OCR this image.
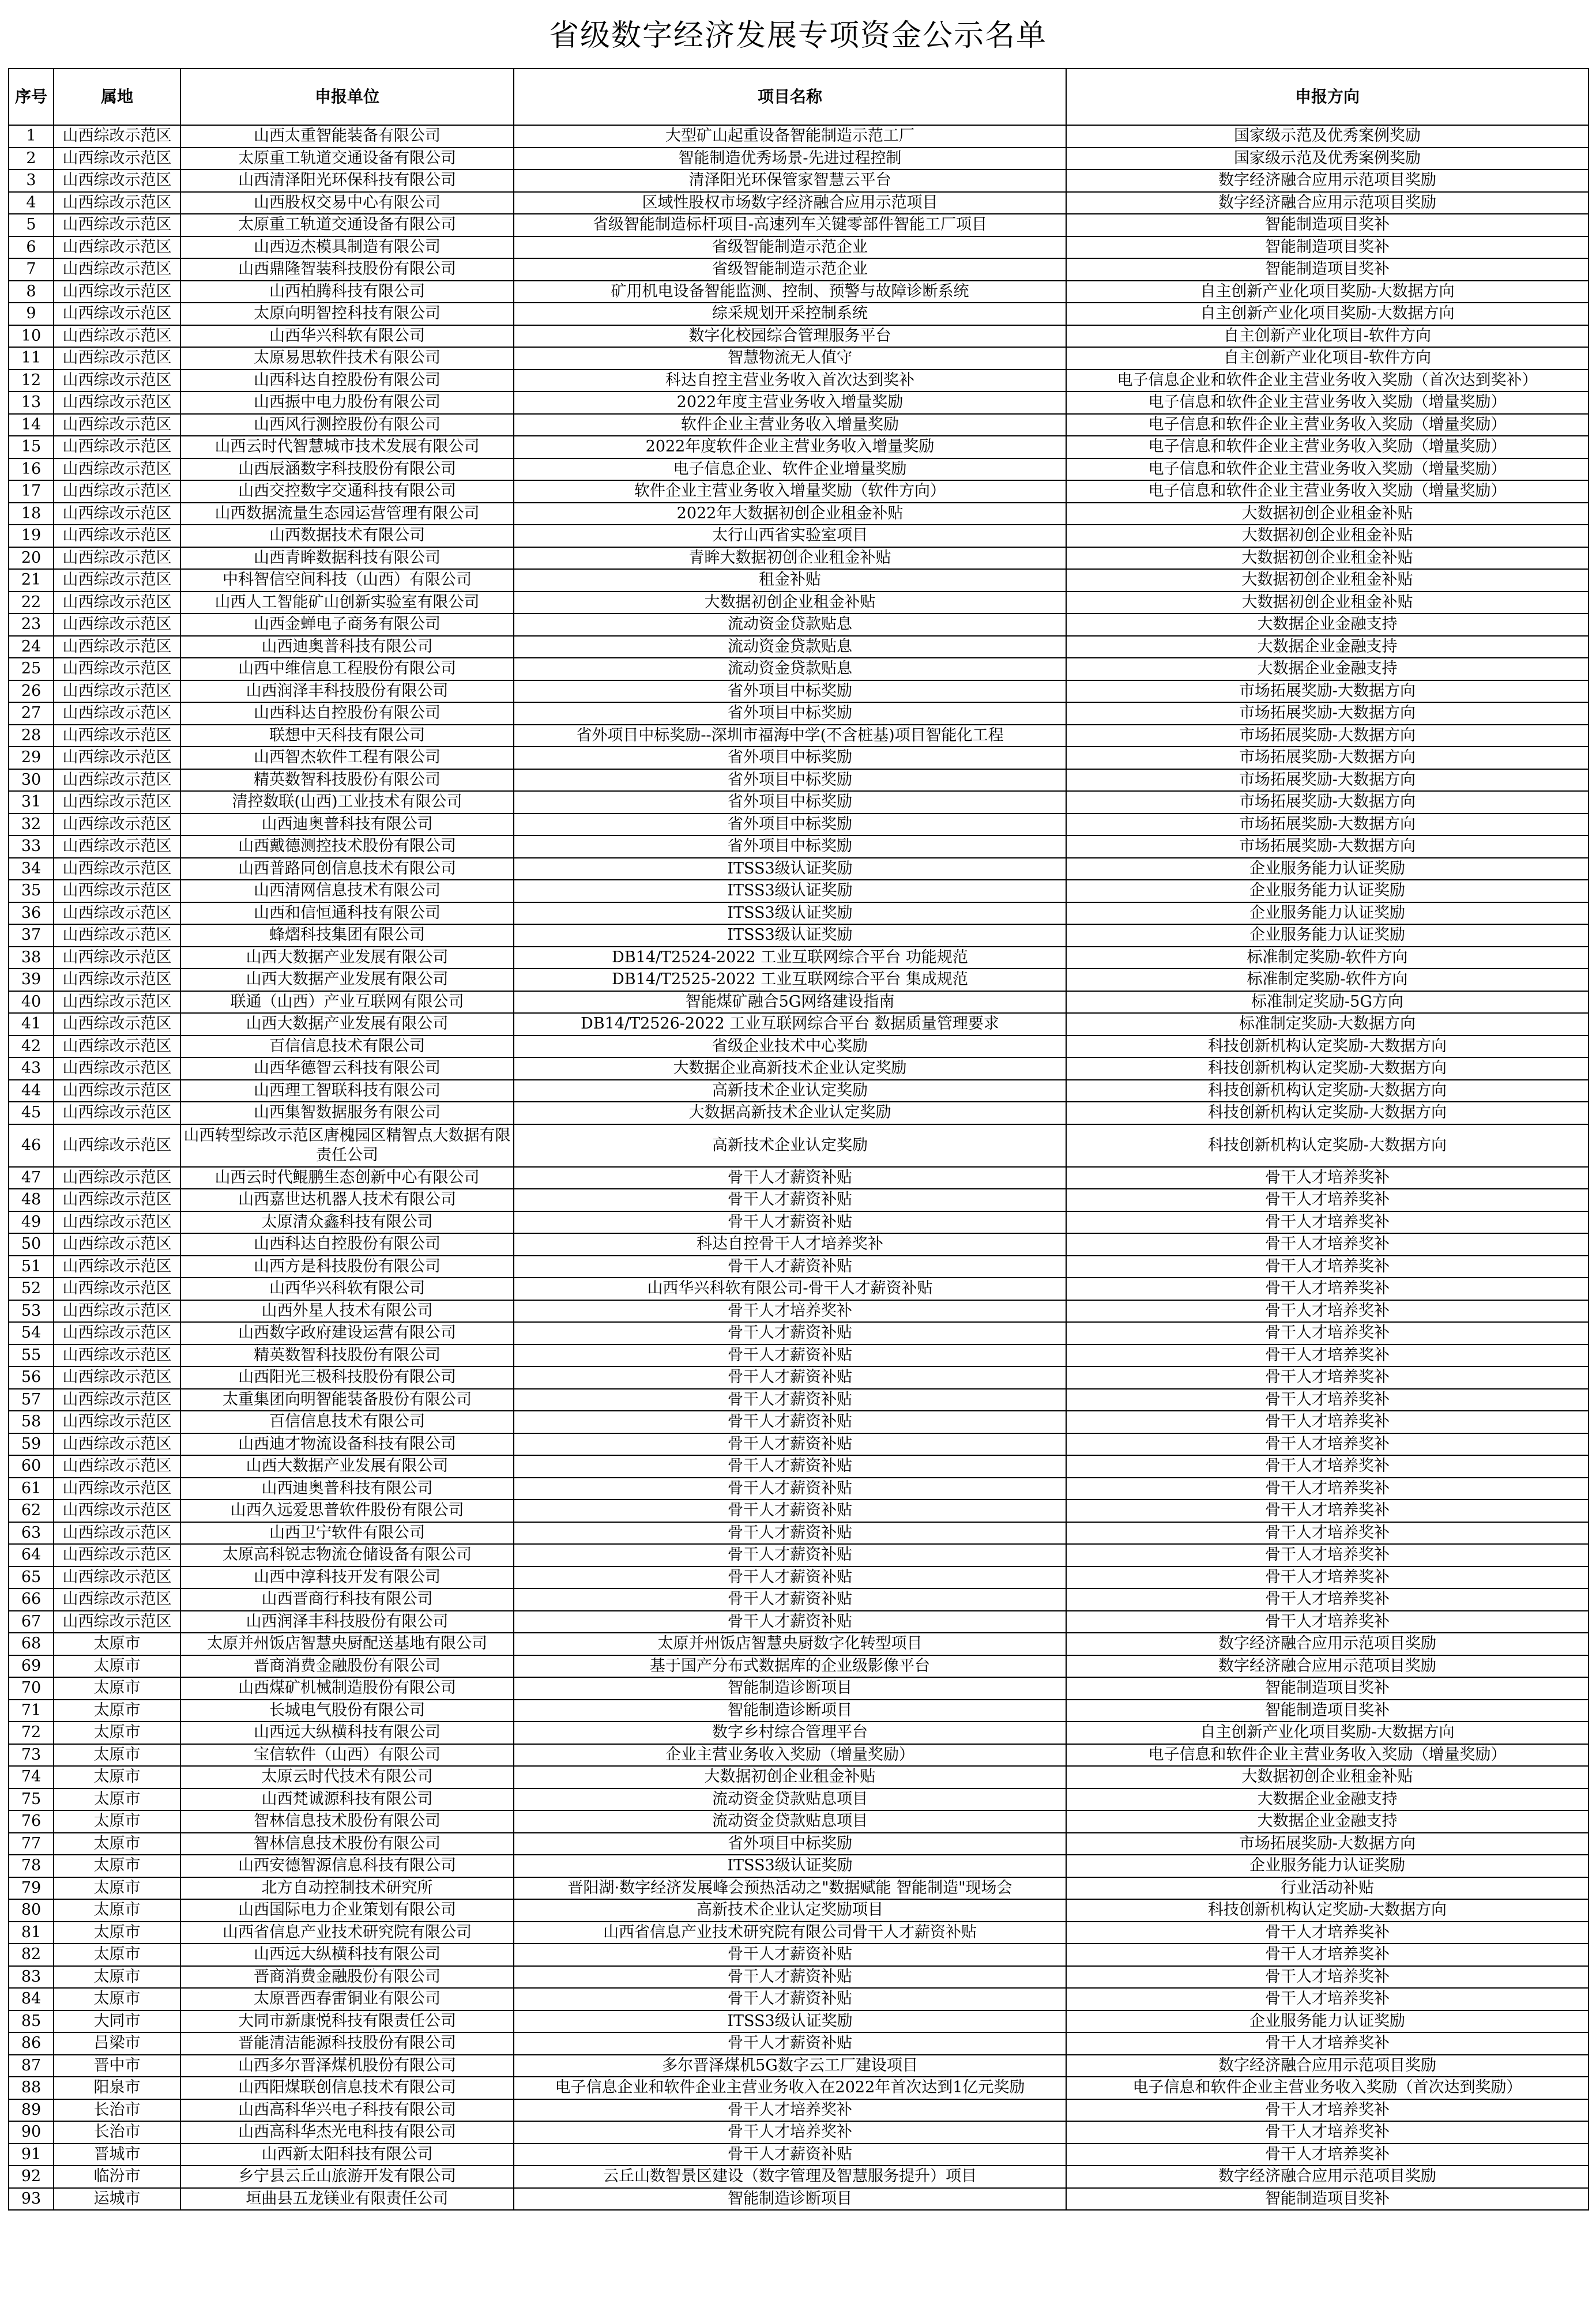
省级数字经济发展专项资金公示名单
序号	属地	申报单位	项目名称	申报方向
1	山西综改示范区	山西太重智能装备有限公司	大型矿山起重设备智能制造示范工厂	国家级示范及优秀案例奖励
2	山西综改示范区	太原重工轨道交通设备有限公司	智能制造优秀场景-先进过程控制	国家级示范及优秀案例奖励
3	山西综改示范区	山西清泽阳光环保科技有限公司	清泽阳光环保管家智慧云平台	数字经济融合应用示范项目奖励
4	山西综改示范区	山西股权交易中心有限公司	区域性股权市场数字经济融合应用示范项目	数字经济融合应用示范项目奖励
5	山西综改示范区	太原重工轨道交通设备有限公司	省级智能制造标杆项目-高速列车关键零部件智能工厂项目	智能制造项目奖补
6	山西综改示范区	山西迈杰模具制造有限公司	省级智能制造示范企业	智能制造项目奖补
7	山西综改示范区	山西鼎隆智装科技股份有限公司	省级智能制造示范企业	智能制造项目奖补
8	山西综改示范区	山西柏腾科技有限公司	矿用机电设备智能监测、控制、预警与故障诊断系统	自主创新产业化项目奖励-大数据方向
9	山西综改示范区	太原向明智控科技有限公司	综采规划开采控制系统	自主创新产业化项目奖励-大数据方向
10	山西综改示范区	山西华兴科软有限公司	数字化校园综合管理服务平台	自主创新产业化项目-软件方向
11	山西综改示范区	太原易思软件技术有限公司	智慧物流无人值守	自主创新产业化项目-软件方向
12	山西综改示范区	山西科达自控股份有限公司	科达自控主营业务收入首次达到奖补	电子信息企业和软件企业主营业务收入奖励（首次达到奖补）
13	山西综改示范区	山西振中电力股份有限公司	2022年度主营业务收入增量奖励	电子信息和软件企业主营业务收入奖励（增量奖励）
14	山西综改示范区	山西风行测控股份有限公司	软件企业主营业务收入增量奖励	电子信息和软件企业主营业务收入奖励（增量奖励）
15	山西综改示范区	山西云时代智慧城市技术发展有限公司	2022年度软件企业主营业务收入增量奖励	电子信息和软件企业主营业务收入奖励（增量奖励）
16	山西综改示范区	山西辰涵数字科技股份有限公司	电子信息企业、软件企业增量奖励	电子信息和软件企业主营业务收入奖励（增量奖励）
17	山西综改示范区	山西交控数字交通科技有限公司	软件企业主营业务收入增量奖励（软件方向）	电子信息和软件企业主营业务收入奖励（增量奖励）
18	山西综改示范区	山西数据流量生态园运营管理有限公司	2022年大数据初创企业租金补贴	大数据初创企业租金补贴
19	山西综改示范区	山西数据技术有限公司	太行山西省实验室项目	大数据初创企业租金补贴
20	山西综改示范区	山西青眸数据科技有限公司	青眸大数据初创企业租金补贴	大数据初创企业租金补贴
21	山西综改示范区	中科智信空间科技（山西）有限公司	租金补贴	大数据初创企业租金补贴
22	山西综改示范区	山西人工智能矿山创新实验室有限公司	大数据初创企业租金补贴	大数据初创企业租金补贴
23	山西综改示范区	山西金蝉电子商务有限公司	流动资金贷款贴息	大数据企业金融支持
24	山西综改示范区	山西迪奥普科技有限公司	流动资金贷款贴息	大数据企业金融支持
25	山西综改示范区	山西中维信息工程股份有限公司	流动资金贷款贴息	大数据企业金融支持
26	山西综改示范区	山西润泽丰科技股份有限公司	省外项目中标奖励	市场拓展奖励-大数据方向
27	山西综改示范区	山西科达自控股份有限公司	省外项目中标奖励	市场拓展奖励-大数据方向
28	山西综改示范区	联想中天科技有限公司	省外项目中标奖励--深圳市福海中学(不含桩基)项目智能化工程	市场拓展奖励-大数据方向
29	山西综改示范区	山西智杰软件工程有限公司	省外项目中标奖励	市场拓展奖励-大数据方向
30	山西综改示范区	精英数智科技股份有限公司	省外项目中标奖励	市场拓展奖励-大数据方向
31	山西综改示范区	清控数联(山西)工业技术有限公司	省外项目中标奖励	市场拓展奖励-大数据方向
32	山西综改示范区	山西迪奥普科技有限公司	省外项目中标奖励	市场拓展奖励-大数据方向
33	山西综改示范区	山西戴德测控技术股份有限公司	省外项目中标奖励	市场拓展奖励-大数据方向
34	山西综改示范区	山西普路同创信息技术有限公司	ITSS3级认证奖励	企业服务能力认证奖励
35	山西综改示范区	山西清网信息技术有限公司	ITSS3级认证奖励	企业服务能力认证奖励
36	山西综改示范区	山西和信恒通科技有限公司	ITSS3级认证奖励	企业服务能力认证奖励
37	山西综改示范区	蜂熠科技集团有限公司	ITSS3级认证奖励	企业服务能力认证奖励
38	山西综改示范区	山西大数据产业发展有限公司	DB14/T2524-2022 工业互联网综合平台 功能规范	标准制定奖励-软件方向
39	山西综改示范区	山西大数据产业发展有限公司	DB14/T2525-2022 工业互联网综合平台 集成规范	标准制定奖励-软件方向
40	山西综改示范区	联通（山西）产业互联网有限公司	智能煤矿融合5G网络建设指南	标准制定奖励-5G方向
41	山西综改示范区	山西大数据产业发展有限公司	DB14/T2526-2022 工业互联网综合平台 数据质量管理要求	标准制定奖励-大数据方向
42	山西综改示范区	百信信息技术有限公司	省级企业技术中心奖励	科技创新机构认定奖励-大数据方向
43	山西综改示范区	山西华德智云科技有限公司	大数据企业高新技术企业认定奖励	科技创新机构认定奖励-大数据方向
44	山西综改示范区	山西理工智联科技有限公司	高新技术企业认定奖励	科技创新机构认定奖励-大数据方向
45	山西综改示范区	山西集智数据服务有限公司	大数据高新技术企业认定奖励	科技创新机构认定奖励-大数据方向
46	山西综改示范区	山西转型综改示范区唐槐园区精智点大数据有限责任公司	高新技术企业认定奖励	科技创新机构认定奖励-大数据方向
47	山西综改示范区	山西云时代鲲鹏生态创新中心有限公司	骨干人才薪资补贴	骨干人才培养奖补
48	山西综改示范区	山西嘉世达机器人技术有限公司	骨干人才薪资补贴	骨干人才培养奖补
49	山西综改示范区	太原清众鑫科技有限公司	骨干人才薪资补贴	骨干人才培养奖补
50	山西综改示范区	山西科达自控股份有限公司	科达自控骨干人才培养奖补	骨干人才培养奖补
51	山西综改示范区	山西方是科技股份有限公司	骨干人才薪资补贴	骨干人才培养奖补
52	山西综改示范区	山西华兴科软有限公司	山西华兴科软有限公司-骨干人才薪资补贴	骨干人才培养奖补
53	山西综改示范区	山西外星人技术有限公司	骨干人才培养奖补	骨干人才培养奖补
54	山西综改示范区	山西数字政府建设运营有限公司	骨干人才薪资补贴	骨干人才培养奖补
55	山西综改示范区	精英数智科技股份有限公司	骨干人才薪资补贴	骨干人才培养奖补
56	山西综改示范区	山西阳光三极科技股份有限公司	骨干人才薪资补贴	骨干人才培养奖补
57	山西综改示范区	太重集团向明智能装备股份有限公司	骨干人才薪资补贴	骨干人才培养奖补
58	山西综改示范区	百信信息技术有限公司	骨干人才薪资补贴	骨干人才培养奖补
59	山西综改示范区	山西迪才物流设备科技有限公司	骨干人才薪资补贴	骨干人才培养奖补
60	山西综改示范区	山西大数据产业发展有限公司	骨干人才薪资补贴	骨干人才培养奖补
61	山西综改示范区	山西迪奥普科技有限公司	骨干人才薪资补贴	骨干人才培养奖补
62	山西综改示范区	山西久远爱思普软件股份有限公司	骨干人才薪资补贴	骨干人才培养奖补
63	山西综改示范区	山西卫宁软件有限公司	骨干人才薪资补贴	骨干人才培养奖补
64	山西综改示范区	太原高科锐志物流仓储设备有限公司	骨干人才薪资补贴	骨干人才培养奖补
65	山西综改示范区	山西中淳科技开发有限公司	骨干人才薪资补贴	骨干人才培养奖补
66	山西综改示范区	山西晋商行科技有限公司	骨干人才薪资补贴	骨干人才培养奖补
67	山西综改示范区	山西润泽丰科技股份有限公司	骨干人才薪资补贴	骨干人才培养奖补
68	太原市	太原并州饭店智慧央厨配送基地有限公司	太原并州饭店智慧央厨数字化转型项目	数字经济融合应用示范项目奖励
69	太原市	晋商消费金融股份有限公司	基于国产分布式数据库的企业级影像平台	数字经济融合应用示范项目奖励
70	太原市	山西煤矿机械制造股份有限公司	智能制造诊断项目	智能制造项目奖补
71	太原市	长城电气股份有限公司	智能制造诊断项目	智能制造项目奖补
72	太原市	山西远大纵横科技有限公司	数字乡村综合管理平台	自主创新产业化项目奖励-大数据方向
73	太原市	宝信软件（山西）有限公司	企业主营业务收入奖励（增量奖励）	电子信息和软件企业主营业务收入奖励（增量奖励）
74	太原市	太原云时代技术有限公司	大数据初创企业租金补贴	大数据初创企业租金补贴
75	太原市	山西梵诚源科技有限公司	流动资金贷款贴息项目	大数据企业金融支持
76	太原市	智林信息技术股份有限公司	流动资金贷款贴息项目	大数据企业金融支持
77	太原市	智林信息技术股份有限公司	省外项目中标奖励	市场拓展奖励-大数据方向
78	太原市	山西安德智源信息科技有限公司	ITSS3级认证奖励	企业服务能力认证奖励
79	太原市	北方自动控制技术研究所	晋阳湖·数字经济发展峰会预热活动之"数据赋能 智能制造"现场会	行业活动补贴
80	太原市	山西国际电力企业策划有限公司	高新技术企业认定奖励项目	科技创新机构认定奖励-大数据方向
81	太原市	山西省信息产业技术研究院有限公司	山西省信息产业技术研究院有限公司骨干人才薪资补贴	骨干人才培养奖补
82	太原市	山西远大纵横科技有限公司	骨干人才薪资补贴	骨干人才培养奖补
83	太原市	晋商消费金融股份有限公司	骨干人才薪资补贴	骨干人才培养奖补
84	太原市	太原晋西春雷铜业有限公司	骨干人才薪资补贴	骨干人才培养奖补
85	大同市	大同市新康悦科技有限责任公司	ITSS3级认证奖励	企业服务能力认证奖励
86	吕梁市	晋能清洁能源科技股份有限公司	骨干人才薪资补贴	骨干人才培养奖补
87	晋中市	山西多尔晋泽煤机股份有限公司	多尔晋泽煤机5G数字云工厂建设项目	数字经济融合应用示范项目奖励
88	阳泉市	山西阳煤联创信息技术有限公司	电子信息企业和软件企业主营业务收入在2022年首次达到1亿元奖励	电子信息和软件企业主营业务收入奖励（首次达到奖励）
89	长治市	山西高科华兴电子科技有限公司	骨干人才培养奖补	骨干人才培养奖补
90	长治市	山西高科华杰光电科技有限公司	骨干人才培养奖补	骨干人才培养奖补
91	晋城市	山西新太阳科技有限公司	骨干人才薪资补贴	骨干人才培养奖补
92	临汾市	乡宁县云丘山旅游开发有限公司	云丘山数智景区建设（数字管理及智慧服务提升）项目	数字经济融合应用示范项目奖励
93	运城市	垣曲县五龙镁业有限责任公司	智能制造诊断项目	智能制造项目奖补
